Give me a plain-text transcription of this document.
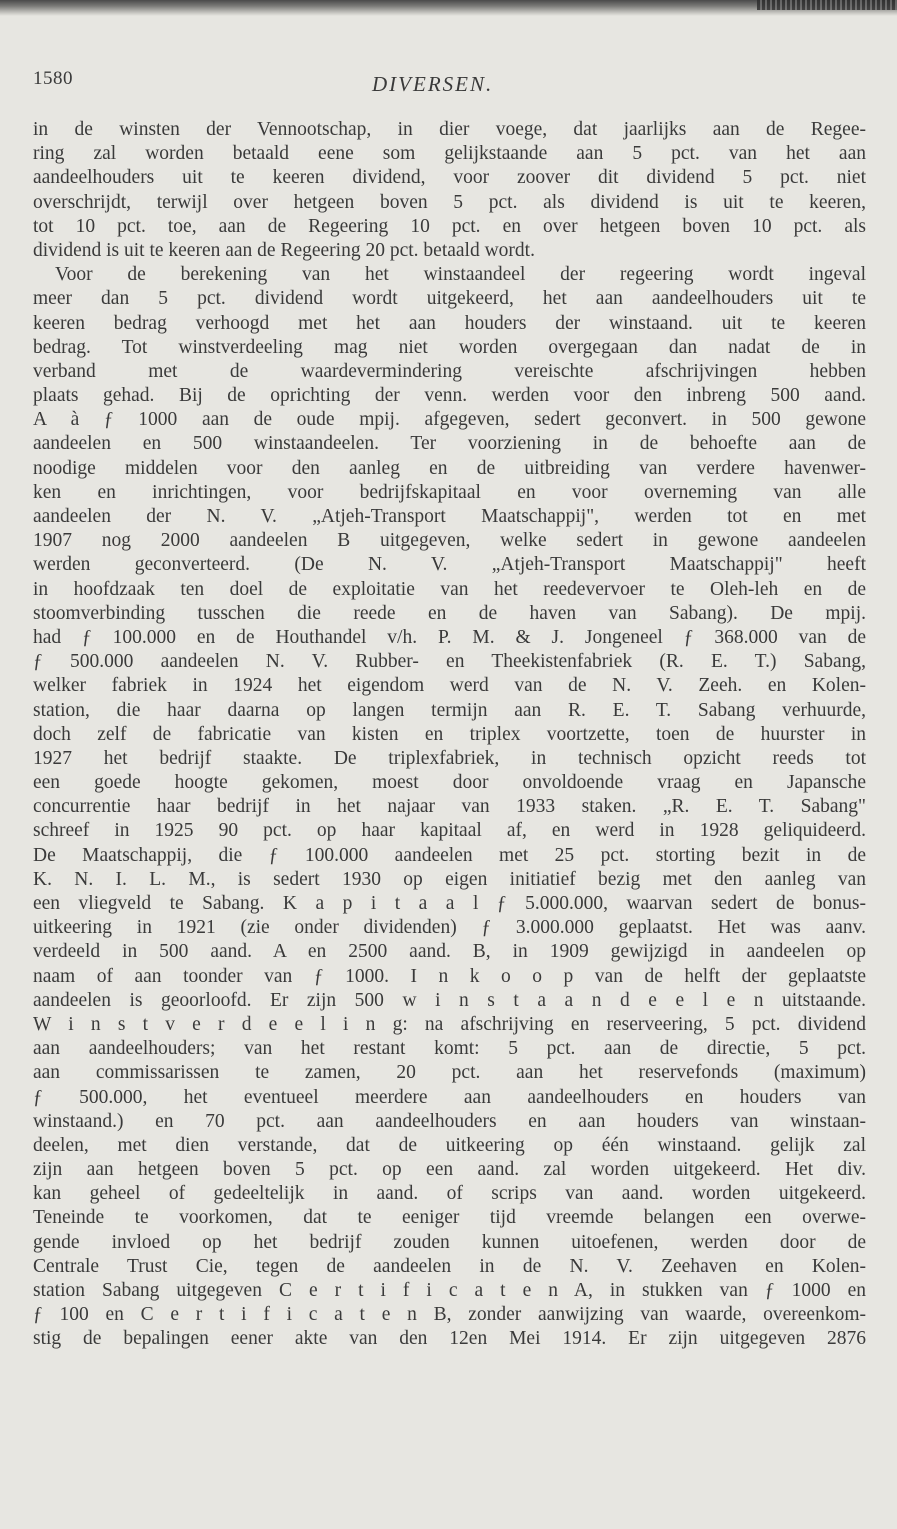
1580	DIVERSEN.
in de winsten der Vennootschap, in dier voege, dat jaarlijks aan de Regee-
ring zal worden betaald eene som gelijkstaande aan 5 pct. van het aan
aandeelhouders uit te keeren dividend, voor zoover dit dividend 5 pct. niet
overschrijdt, terwijl over hetgeen boven 5 pct. als dividend is uit te keeren,
tot 10 pct. toe, aan de Regeering 10 pct. en over hetgeen boven 10 pct. als
dividend is uit te keeren aan de Regeering 20 pct. betaald wordt.
Voor de berekening van het winstaandeel der regeering wordt ingeval
meer dan 5 pct. dividend wordt uitgekeerd, het aan aandeelhouders uit te
keeren bedrag verhoogd met het aan houders der winstaand. uit te keeren
bedrag. Tot winstverdeeling mag niet worden overgegaan dan nadat de in
verband met de waardevermindering vereischte afschrijvingen hebben
plaats gehad. Bij de oprichting der venn. werden voor den inbreng 500 aand.
A à ƒ 1000 aan de oude mpij. afgegeven, sedert geconvert. in 500 gewone
aandeelen en 500 winstaandeelen. Ter voorziening in de behoefte aan de
noodige middelen voor den aanleg en de uitbreiding van verdere havenwer-
ken en inrichtingen, voor bedrijfskapitaal en voor overneming van alle
aandeelen der N. V. „Atjeh-Transport Maatschappij", werden tot en met
1907 nog 2000 aandeelen B uitgegeven, welke sedert in gewone aandeelen
werden geconverteerd. (De N. V. „Atjeh-Transport Maatschappij" heeft
in hoofdzaak ten doel de exploitatie van het reedevervoer te Oleh-leh en de
stoomverbinding tusschen die reede en de haven van Sabang). De mpij.
had ƒ 100.000 en de Houthandel v/h. P. M. & J. Jongeneel ƒ 368.000 van de
ƒ 500.000 aandeelen N. V. Rubber- en Theekistenfabriek (R. E. T.) Sabang,
welker fabriek in 1924 het eigendom werd van de N. V. Zeeh. en Kolen-
station, die haar daarna op langen termijn aan R. E. T. Sabang verhuurde,
doch zelf de fabricatie van kisten en triplex voortzette, toen de huurster in
1927 het bedrijf staakte. De triplexfabriek, in technisch opzicht reeds tot
een goede hoogte gekomen, moest door onvoldoende vraag en Japansche
concurrentie haar bedrijf in het najaar van 1933 staken. „R. E. T. Sabang"
schreef in 1925 90 pct. op haar kapitaal af, en werd in 1928 geliquideerd.
De Maatschappij, die ƒ 100.000 aandeelen met 25 pct. storting bezit in de
K. N. I. L. M., is sedert 1930 op eigen initiatief bezig met den aanleg van
een vliegveld te Sabang. K a p i t a a l ƒ 5.000.000, waarvan sedert de bonus-
uitkeering in 1921 (zie onder dividenden) ƒ 3.000.000 geplaatst. Het was aanv.
verdeeld in 500 aand. A en 2500 aand. B, in 1909 gewijzigd in aandeelen op
naam of aan toonder van ƒ 1000. I n k o o p van de helft der geplaatste
aandeelen is geoorloofd. Er zijn 500 w i n s t a a n d e e l e n uitstaande.
W i n s t v e r d e e l i n g: na afschrijving en reserveering, 5 pct. dividend
aan aandeelhouders; van het restant komt: 5 pct. aan de directie, 5 pct.
aan commissarissen te zamen, 20 pct. aan het reservefonds (maximum)
ƒ 500.000, het eventueel meerdere aan aandeelhouders en houders van
winstaand.) en 70 pct. aan aandeelhouders en aan houders van winstaan-
deelen, met dien verstande, dat de uitkeering op één winstaand. gelijk zal
zijn aan hetgeen boven 5 pct. op een aand. zal worden uitgekeerd. Het div.
kan geheel of gedeeltelijk in aand. of scrips van aand. worden uitgekeerd.
Teneinde te voorkomen, dat te eeniger tijd vreemde belangen een overwe-
gende invloed op het bedrijf zouden kunnen uitoefenen, werden door de
Centrale Trust Cie, tegen de aandeelen in de N. V. Zeehaven en Kolen-
station Sabang uitgegeven C e r t i f i c a t e n A, in stukken van ƒ 1000 en
ƒ 100 en C e r t i f i c a t e n B, zonder aanwijzing van waarde, overeenkom-
stig de bepalingen eener akte van den 12en Mei 1914. Er zijn uitgegeven 2876
